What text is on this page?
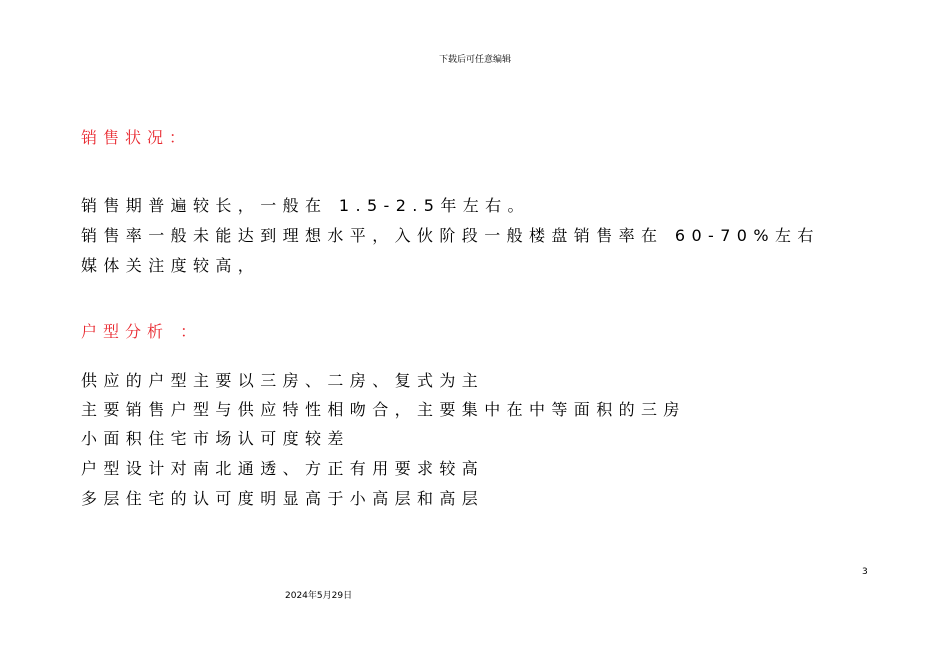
下载后可任意编辑
销售状况：
销售期普遍较长，一般在 1.5-2.5年左右。
销售率一般未能达到理想水平，入伙阶段一般楼盘销售率在 60-70%左右
媒体关注度较高，
户型分析 ：
供应的户型主要以三房、二房、复式为主
主要销售户型与供应特性相吻合，主要集中在中等面积的三房
小面积住宅市场认可度较差
户型设计对南北通透、方正有用要求较高
多层住宅的认可度明显高于小高层和高层
3
2024年5月29日
